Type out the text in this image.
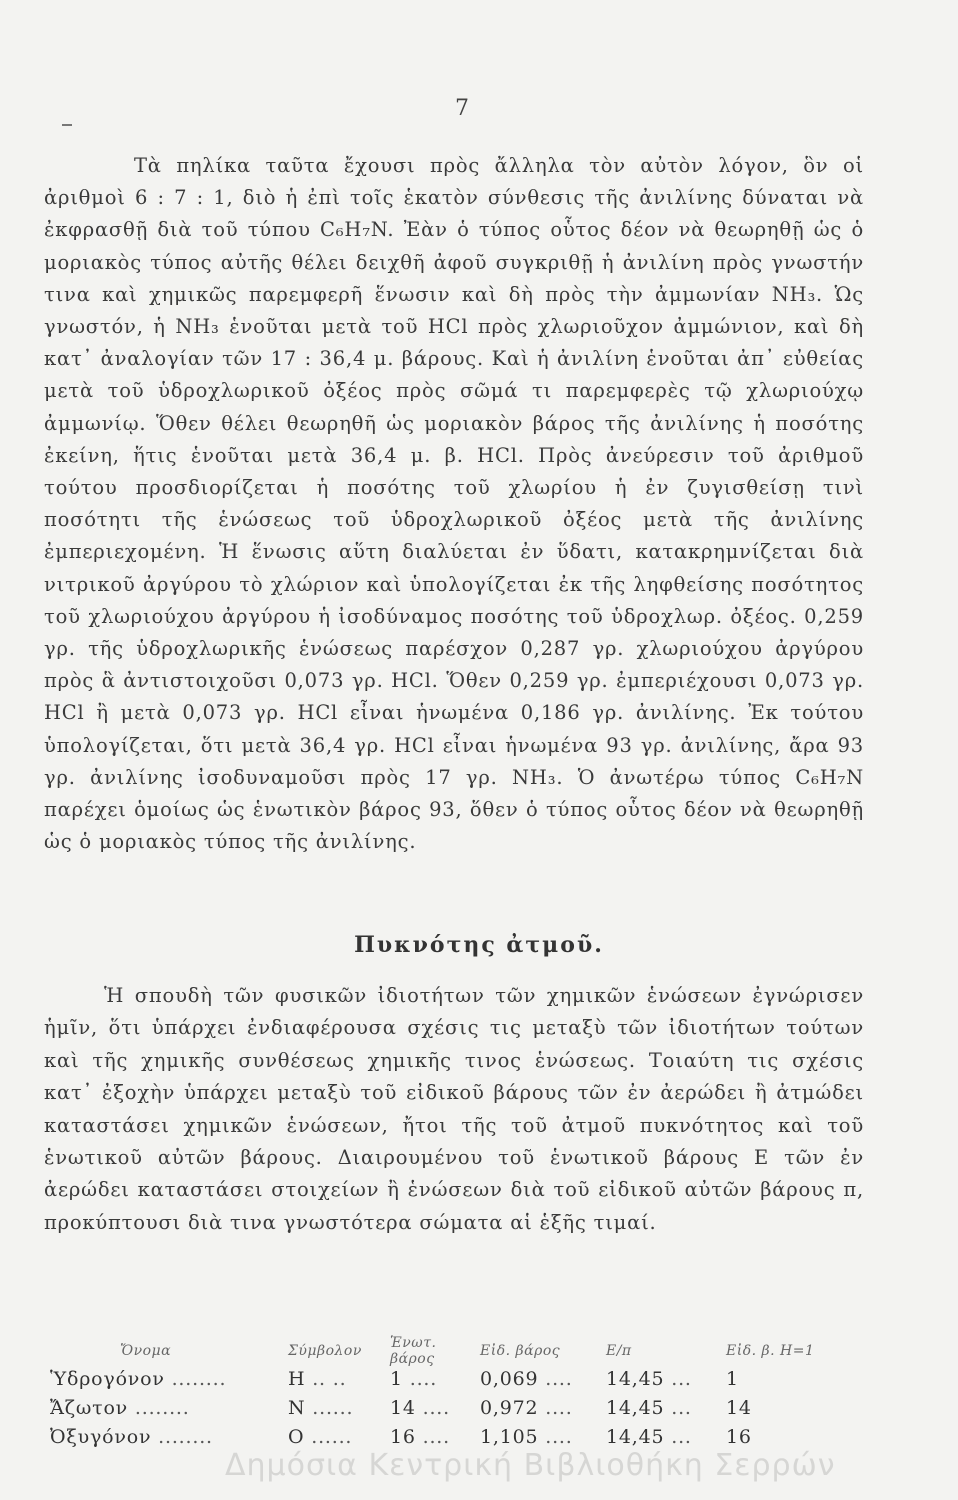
7

Τὰ πηλίκα ταῦτα ἔχουσι πρὸς ἄλληλα τὸν αὐτὸν λόγον, ὃν οἱ ἀριθμοὶ 6 : 7 : 1, διὸ ἡ ἐπὶ τοῖς ἑκατὸν σύνθεσις τῆς ἀνιλίνης δύναται νὰ ἐκφρασθῇ διὰ τοῦ τύπου C₆H₇N. Ἐὰν ὁ τύπος οὗτος δέον νὰ θεωρηθῇ ὡς ὁ μοριακὸς τύπος αὐτῆς θέλει δειχθῆ ἀφοῦ συγκριθῇ ἡ ἀνιλίνη πρὸς γνωστήν τινα καὶ χημικῶς παρεμφερῆ ἕνωσιν καὶ δὴ πρὸς τὴν ἀμμωνίαν NH₃. Ὡς γνωστόν, ἡ NH₃ ἑνοῦται μετὰ τοῦ HCl πρὸς χλωριοῦχον ἀμμώνιον, καὶ δὴ κατ᾽ ἀναλογίαν τῶν 17 : 36,4 μ. βάρους. Καὶ ἡ ἀνιλίνη ἑνοῦται ἀπ᾽ εὐθείας μετὰ τοῦ ὑδροχλωρικοῦ ὀξέος πρὸς σῶμά τι παρεμφερὲς τῷ χλωριούχῳ ἀμμωνίῳ. Ὅθεν θέλει θεωρηθῆ ὡς μοριακὸν βάρος τῆς ἀνιλίνης ἡ ποσότης ἐκείνη, ἥτις ἑνοῦται μετὰ 36,4 μ. β. HCl. Πρὸς ἀνεύρεσιν τοῦ ἀριθμοῦ τούτου προσδιορίζεται ἡ ποσότης τοῦ χλωρίου ἡ ἐν ζυγισθείσῃ τινὶ ποσότητι τῆς ἑνώσεως τοῦ ὑδροχλωρικοῦ ὀξέος μετὰ τῆς ἀνιλίνης ἐμπεριεχομένη. Ἡ ἕνωσις αὕτη διαλύεται ἐν ὕδατι, κατακρημνίζεται διὰ νιτρικοῦ ἀργύρου τὸ χλώριον καὶ ὑπολογίζεται ἐκ τῆς ληφθείσης ποσότητος τοῦ χλωριούχου ἀργύρου ἡ ἰσοδύναμος ποσότης τοῦ ὑδροχλωρ. ὀξέος. 0,259 γρ. τῆς ὑδροχλωρικῆς ἑνώσεως παρέσχον 0,287 γρ. χλωριούχου ἀργύρου πρὸς ἃ ἀντιστοιχοῦσι 0,073 γρ. HCl. Ὅθεν 0,259 γρ. ἐμπεριέχουσι 0,073 γρ. HCl ἢ μετὰ 0,073 γρ. HCl εἶναι ἡνωμένα 0,186 γρ. ἀνιλίνης. Ἐκ τούτου ὑπολογίζεται, ὅτι μετὰ 36,4 γρ. HCl εἶναι ἡνωμένα 93 γρ. ἀνιλίνης, ἄρα 93 γρ. ἀνιλίνης ἰσοδυναμοῦσι πρὸς 17 γρ. NH₃. Ὁ ἀνωτέρω τύπος C₆H₇N παρέχει ὁμοίως ὡς ἑνωτικὸν βάρος 93, ὅθεν ὁ τύπος οὗτος δέον νὰ θεωρηθῇ ὡς ὁ μοριακὸς τύπος τῆς ἀνιλίνης.

Πυκνότης ἀτμοῦ.

Ἡ σπουδὴ τῶν φυσικῶν ἰδιοτήτων τῶν χημικῶν ἑνώσεων ἐγνώρισεν ἡμῖν, ὅτι ὑπάρχει ἐνδιαφέρουσα σχέσις τις μεταξὺ τῶν ἰδιοτήτων τούτων καὶ τῆς χημικῆς συνθέσεως χημικῆς τινος ἑνώσεως. Τοιαύτη τις σχέσις κατ᾽ ἐξοχὴν ὑπάρχει μεταξὺ τοῦ εἰδικοῦ βάρους τῶν ἐν ἀερώδει ἢ ἀτμώδει καταστάσει χημικῶν ἑνώσεων, ἤτοι τῆς τοῦ ἀτμοῦ πυκνότητος καὶ τοῦ ἑνωτικοῦ αὐτῶν βάρους. Διαιρουμένου τοῦ ἑνωτικοῦ βάρους E τῶν ἐν ἀερώδει καταστάσει στοιχείων ἢ ἑνώσεων διὰ τοῦ εἰδικοῦ αὐτῶν βάρους π, προκύπτουσι διὰ τινα γνωστότερα σώματα αἱ ἑξῆς τιμαί.

Ὄνομα	Σύμβολον	Ἑνωτ. βάρος	Εἰδ. βάρος	E/π	Εἰδ. β. H=1
Ὑδρογόνον ........	H .. ..	1 ....	0,069 ....	14,45 ...	1
Ἄζωτον ........	N ......	14 ....	0,972 ....	14,45 ...	14
Ὀξυγόνον ........	O ......	16 ....	1,105 ....	14,45 ...	16
Δημόσια Κεντρική Βιβλιοθήκη Σερρών
